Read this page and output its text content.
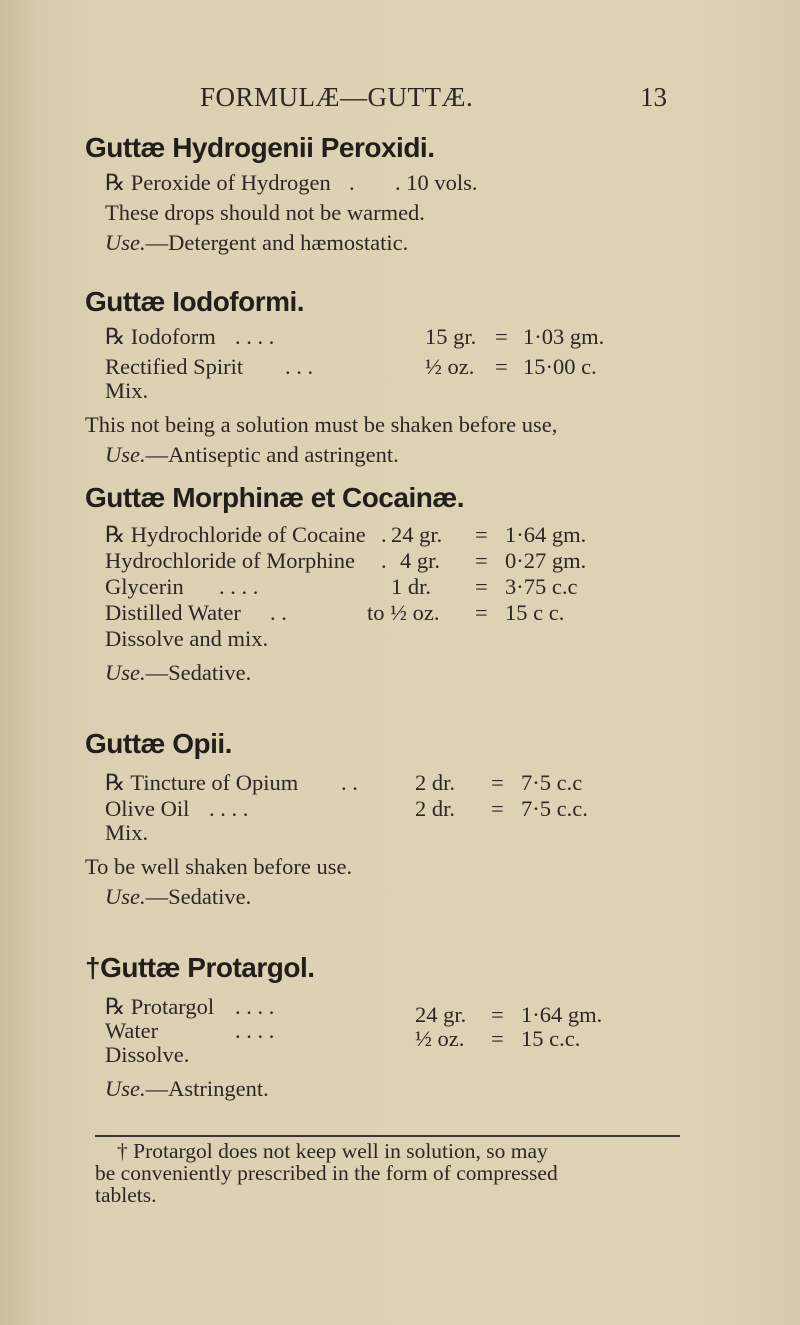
FORMULÆ—GUTTÆ.	13
Guttæ Hydrogenii Peroxidi.
℞ Peroxide of Hydrogen . . 10 vols.
These drops should not be warmed.
Use.—Detergent and hæmostatic.
Guttæ Iodoformi.
℞ Iodoform . . . .	15 gr. = 1·03 gm.
Rectified Spirit . . .	½ oz. = 15·00 c.
Mix.
This not being a solution must be shaken before use,
Use.—Antiseptic and astringent.
Guttæ Morphinæ et Cocainæ.
℞ Hydrochloride of Cocaine . 24 gr. = 1·64 gm.
Hydrochloride of Morphine . 4 gr. = 0·27 gm.
Glycerin . . . .	1 dr. = 3·75 c.c
Distilled Water . .	to ½ oz. = 15 c c.
Dissolve and mix.
Use.—Sedative.
Guttæ Opii.
℞ Tincture of Opium . .	2 dr. = 7·5 c.c
Olive Oil . . . .	2 dr. = 7·5 c.c.
Mix.
To be well shaken before use.
Use.—Sedative.
†Guttæ Protargol.
℞ Protargol . . . .	24 gr. = 1·64 gm.
Water	. . . .	½ oz. = 15 c.c.
Dissolve.
Use.—Astringent.
† Protargol does not keep well in solution, so may
be conveniently prescribed in the form of compressed
tablets.
